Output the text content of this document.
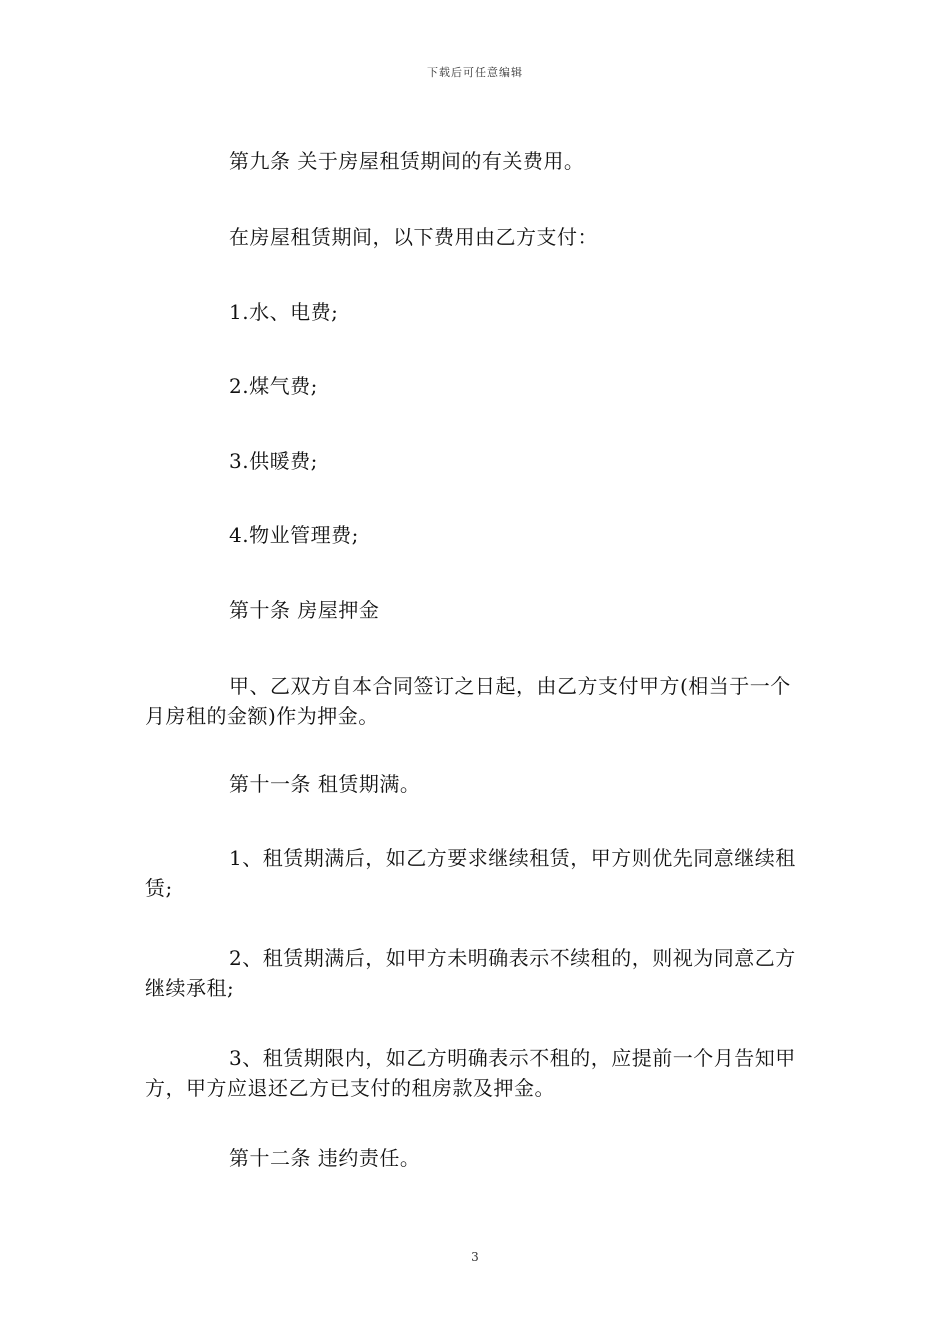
下载后可任意编辑

第九条 关于房屋租赁期间的有关费用。

在房屋租赁期间，以下费用由乙方支付：

1.水、电费;

2.煤气费;

3.供暖费;

4.物业管理费;

第十条 房屋押金

甲、乙双方自本合同签订之日起，由乙方支付甲方(相当于一个月房租的金额)作为押金。

第十一条 租赁期满。

1、租赁期满后，如乙方要求继续租赁，甲方则优先同意继续租赁;

2、租赁期满后，如甲方未明确表示不续租的，则视为同意乙方继续承租;

3、租赁期限内，如乙方明确表示不租的，应提前一个月告知甲方，甲方应退还乙方已支付的租房款及押金。

第十二条 违约责任。

3
